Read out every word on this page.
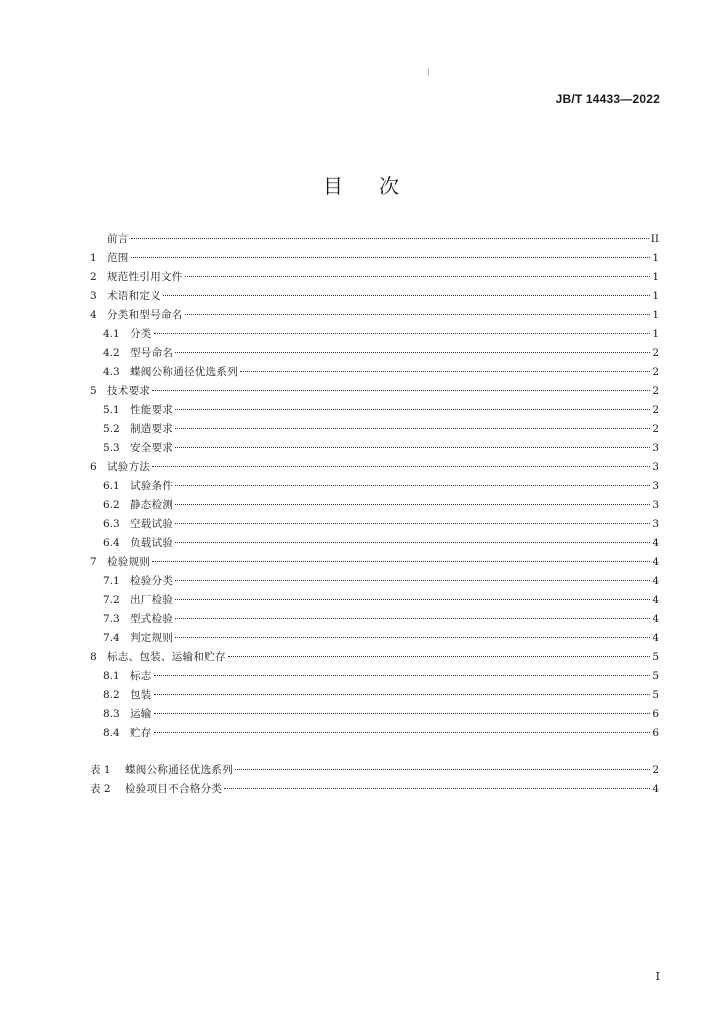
JB/T 14433—2022
目 次
前言	II
1 范围	1
2 规范性引用文件	1
3 术语和定义	1
4 分类和型号命名	1
4.1 分类	1
4.2 型号命名	2
4.3 蝶阀公称通径优选系列	2
5 技术要求	2
5.1 性能要求	2
5.2 制造要求	2
5.3 安全要求	3
6 试验方法	3
6.1 试验条件	3
6.2 静态检测	3
6.3 空载试验	3
6.4 负载试验	4
7 检验规则	4
7.1 检验分类	4
7.2 出厂检验	4
7.3 型式检验	4
7.4 判定规则	4
8 标志、包装、运输和贮存	5
8.1 标志	5
8.2 包装	5
8.3 运输	6
8.4 贮存	6
表 1	蝶阀公称通径优选系列	2
表 2	检验项目不合格分类	4
I
